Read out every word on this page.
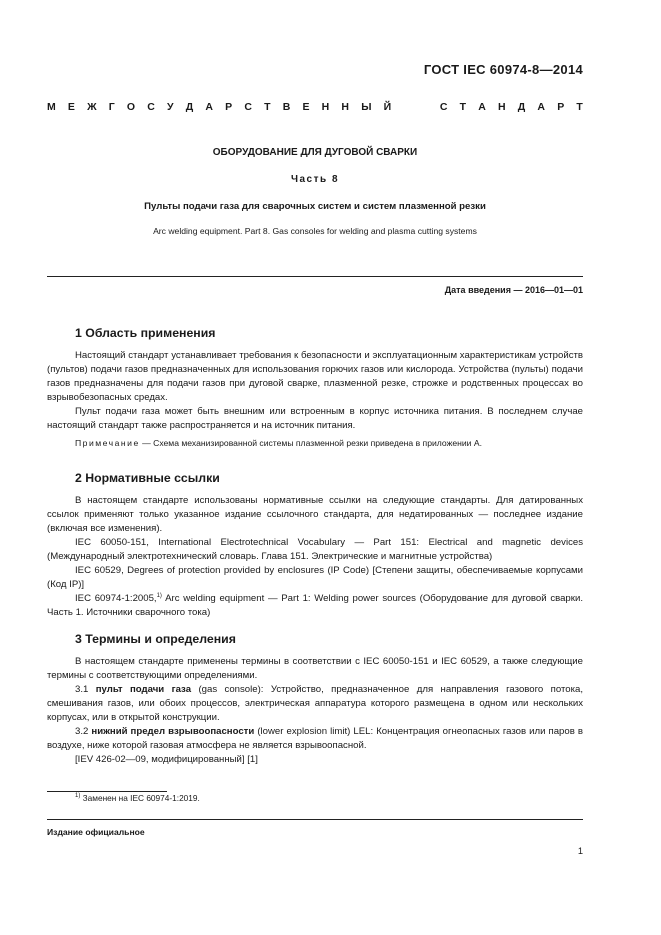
ГОСТ IEC 60974-8—2014
М Е Ж Г О С У Д А Р С Т В Е Н Н Ы Й	С Т А Н Д А Р Т
ОБОРУДОВАНИЕ ДЛЯ ДУГОВОЙ СВАРКИ
Часть 8
Пульты подачи газа для сварочных систем и систем плазменной резки
Arc welding equipment. Part 8. Gas consoles for welding and plasma cutting systems
Дата введения — 2016—01—01
1 Область применения

Настоящий стандарт устанавливает требования к безопасности и эксплуатационным характеристикам устройств (пультов) подачи газов предназначенных для использования горючих газов или кислорода. Устройства (пульты) подачи газов предназначены для подачи газов при дуговой сварке, плазменной резке, строжке и родственных процессах во взрывобезопасных средах.

Пульт подачи газа может быть внешним или встроенным в корпус источника питания. В последнем случае настоящий стандарт также распространяется и на источник питания.

Примечание — Схема механизированной системы плазменной резки приведена в приложении А.

2 Нормативные ссылки

В настоящем стандарте использованы нормативные ссылки на следующие стандарты. Для датированных ссылок применяют только указанное издание ссылочного стандарта, для недатированных — последнее издание (включая все изменения).

IEC 60050-151, International Electrotechnical Vocabulary — Part 151: Electrical and magnetic devices (Международный электротехнический словарь. Глава 151. Электрические и магнитные устройства)

IEC 60529, Degrees of protection provided by enclosures (IP Code) [Степени защиты, обеспечиваемые корпусами (Код IP)]

IEC 60974-1:2005,$^{1)}$ Arc welding equipment — Part 1: Welding power sources (Оборудование для дуговой сварки. Часть 1. Источники сварочного тока)

3 Термины и определения

В настоящем стандарте применены термины в соответствии с IEC 60050-151 и IEC 60529, а также следующие термины с соответствующими определениями.

3.1 пульт подачи газа (gas console): Устройство, предназначенное для направления газового потока, смешивания газов, или обоих процессов, электрическая аппаратура которого размещена в одном или нескольких корпусах, или в открытой конструкции.

3.2 нижний предел взрывоопасности (lower explosion limit) LEL: Концентрация огнеопасных газов или паров в воздухе, ниже которой газовая атмосфера не является взрывоопасной.

[IEV 426-02—09, модифицированный] [1]

$^{1)}$ Заменен на IEC 60974-1:2019.
Издание официальное
1
